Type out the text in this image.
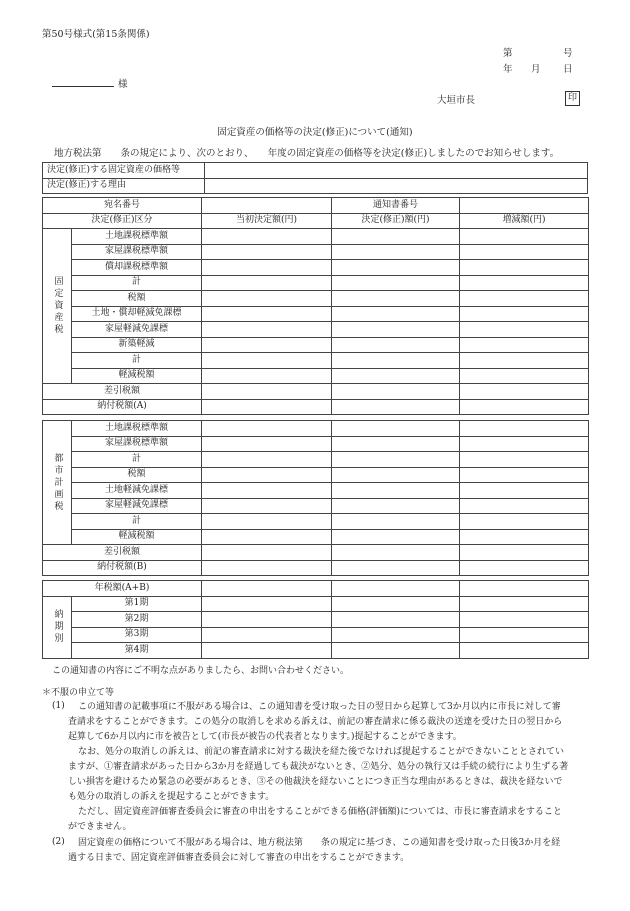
第50号様式(第15条関係)
第	号
年 月 日
様
大垣市長	印
固定資産の価格等の決定(修正)について(通知)
地方税法第　　条の規定により、次のとおり、　　年度の固定資産の価格等を決定(修正)しましたのでお知らせします。
決定(修正)する固定資産の価格等	
決定(修正)する理由	
宛名番号			通知書番号	
決定(修正)区分		当初決定額(円)	決定(修正)額(円)	増減額(円)
固定資産税	土地課税標準額			
	家屋課税標準額			
	償却課税標準額			
	計			
	税額			
	土地・償却軽減免課標			
	家屋軽減免課標			
	新築軽減			
	計			
	軽減税額			
差引税額				
納付税額(A)				
都市計画税	土地課税標準額			
	家屋課税標準額			
	計			
	税額			
	土地軽減免課標			
	家屋軽減免課標			
	計			
	軽減税額			
差引税額				
納付税額(B)				
年税額(A+B)				
納期別	第1期			
	第2期			
	第3期			
	第4期			
この通知書の内容にご不明な点がありましたら、お問い合わせください。
＊不服の申立て等
(1) この通知書の記載事項に不服がある場合は、この通知書を受け取った日の翌日から起算して3か月以内に市長に対して審
査請求をすることができます。この処分の取消しを求める訴えは、前記の審査請求に係る裁決の送達を受けた日の翌日から
起算して6か月以内に市を被告として(市長が被告の代表者となります。)提起することができます。
なお、処分の取消しの訴えは、前記の審査請求に対する裁決を経た後でなければ提起することができないこととされてい
ますが、①審査請求があった日から3か月を経過しても裁決がないとき、②処分、処分の執行又は手続の続行により生ずる著
しい損害を避けるため緊急の必要があるとき、③その他裁決を経ないことにつき正当な理由があるときは、裁決を経ないで
も処分の取消しの訴えを提起することができます。
ただし、固定資産評価審査委員会に審査の申出をすることができる価格(評価額)については、市長に審査請求をすること
ができません。
(2) 固定資産の価格について不服がある場合は、地方税法第　　条の規定に基づき、この通知書を受け取った日後3か月を経
過する日まで、固定資産評価審査委員会に対して審査の申出をすることができます。
